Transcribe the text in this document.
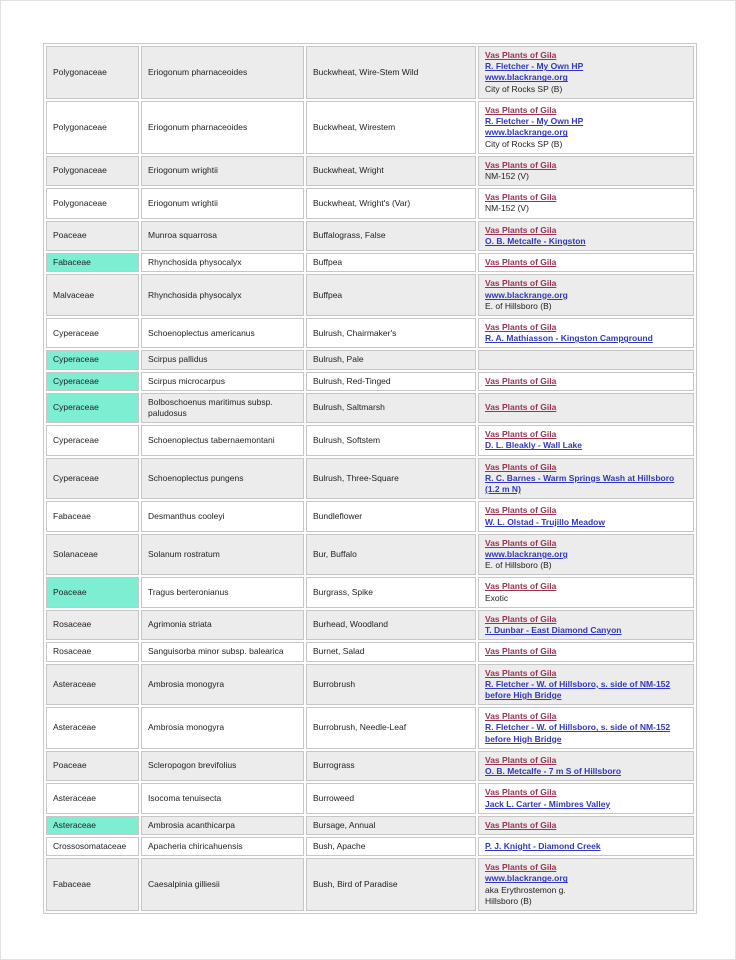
Polygonaceae	Eriogonum pharnaceoides	Buckwheat, Wire-Stem Wild	Vas Plants of Gila
R. Fletcher - My Own HP
www.blackrange.org
City of Rocks SP (B)

Polygonaceae	Eriogonum pharnaceoides	Buckwheat, Wirestem	Vas Plants of Gila
R. Fletcher - My Own HP
www.blackrange.org
City of Rocks SP (B)

Polygonaceae	Eriogonum wrightii	Buckwheat, Wright	Vas Plants of Gila
NM-152 (V)

Polygonaceae	Eriogonum wrightii	Buckwheat, Wright's (Var)	Vas Plants of Gila
NM-152 (V)

Poaceae	Munroa squarrosa	Buffalograss, False	Vas Plants of Gila
O. B. Metcalfe - Kingston

Fabaceae	Rhynchosida physocalyx	Buffpea	Vas Plants of Gila

Malvaceae	Rhynchosida physocalyx	Buffpea	Vas Plants of Gila
www.blackrange.org
E. of Hillsboro (B)

Cyperaceae	Schoenoplectus americanus	Bulrush, Chairmaker's	Vas Plants of Gila
R. A. Mathiasson - Kingston Campground

Cyperaceae	Scirpus pallidus	Bulrush, Pale	
Cyperaceae	Scirpus microcarpus	Bulrush, Red-Tinged	Vas Plants of Gila

Cyperaceae	Bolboschoenus maritimus subsp. paludosus	Bulrush, Saltmarsh	Vas Plants of Gila

Cyperaceae	Schoenoplectus tabernaemontani	Bulrush, Softstem	Vas Plants of Gila
D. L. Bleakly - Wall Lake

Cyperaceae	Schoenoplectus pungens	Bulrush, Three-Square	Vas Plants of Gila
R. C. Barnes - Warm Springs Wash at Hillsboro (1.2 m N)

Fabaceae	Desmanthus cooleyi	Bundleflower	Vas Plants of Gila
W. L. Olstad - Trujillo Meadow

Solanaceae	Solanum rostratum	Bur, Buffalo	Vas Plants of Gila
www.blackrange.org
E. of Hillsboro (B)

Poaceae	Tragus berteronianus	Burgrass, Spike	Vas Plants of Gila
Exotic

Rosaceae	Agrimonia striata	Burhead, Woodland	Vas Plants of Gila
T. Dunbar - East Diamond Canyon

Rosaceae	Sanguisorba minor subsp. balearica	Burnet, Salad	Vas Plants of Gila

Asteraceae	Ambrosia monogyra	Burrobrush	Vas Plants of Gila
R. Fletcher - W. of Hillsboro, s. side of NM-152 before High Bridge

Asteraceae	Ambrosia monogyra	Burrobrush, Needle-Leaf	Vas Plants of Gila
R. Fletcher - W. of Hillsboro, s. side of NM-152 before High Bridge

Poaceae	Scleropogon brevifolius	Burrograss	Vas Plants of Gila
O. B. Metcalfe - 7 m S of Hillsboro

Asteraceae	Isocoma tenuisecta	Burroweed	Vas Plants of Gila
Jack L. Carter - Mimbres Valley

Asteraceae	Ambrosia acanthicarpa	Bursage, Annual	Vas Plants of Gila

Crossosomataceae	Apacheria chiricahuensis	Bush, Apache	P. J. Knight - Diamond Creek

Fabaceae	Caesalpinia gilliesii	Bush, Bird of Paradise	Vas Plants of Gila
www.blackrange.org
aka Erythrostemon g.
Hillsboro (B)
